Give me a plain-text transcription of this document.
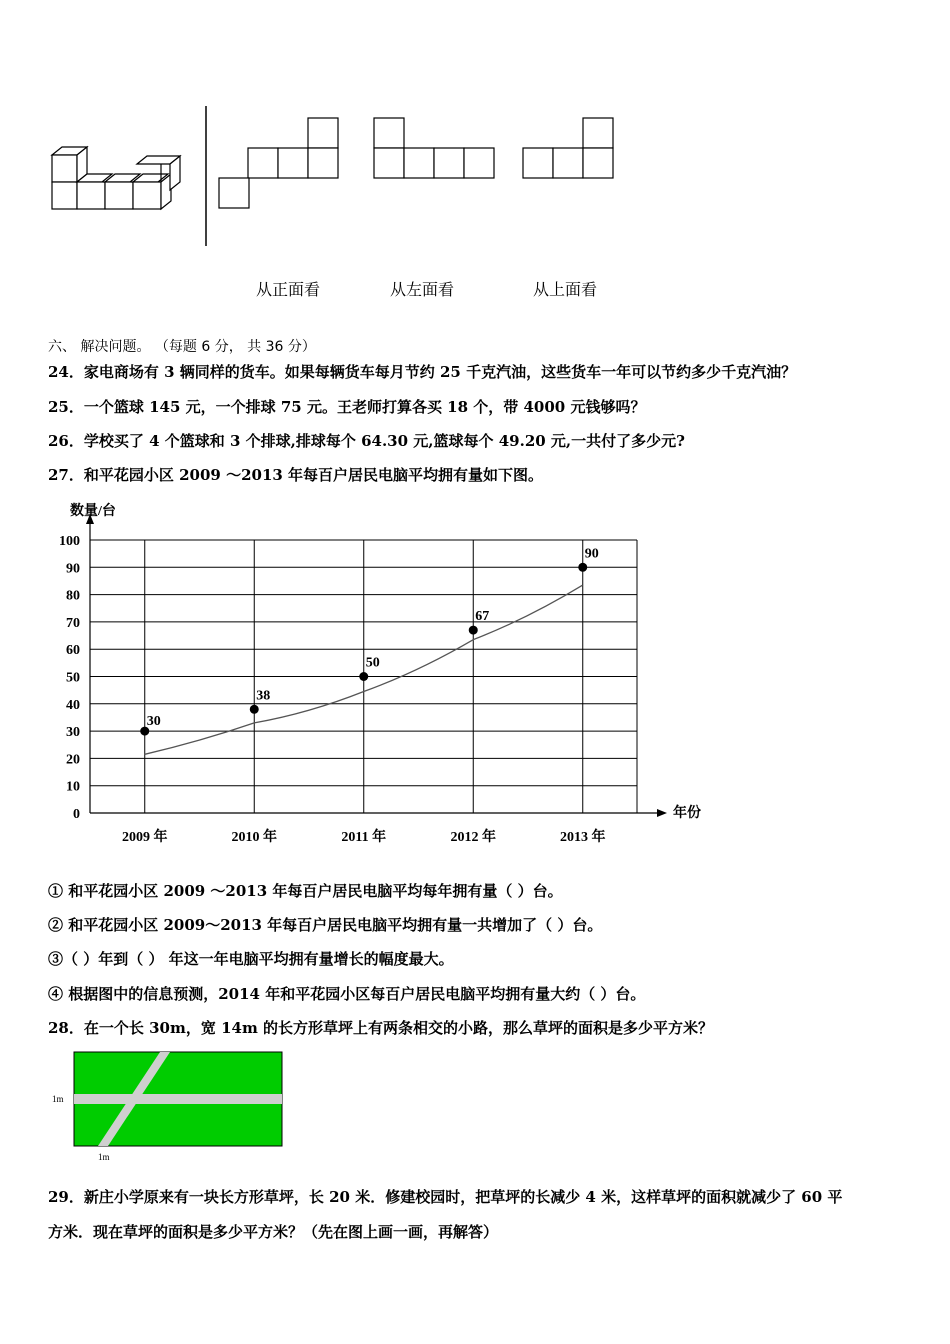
从正面看	从左面看	从上面看
六、 解决问题。 （每题 6 分， 共 36 分）
24．家电商场有 3 辆同样的货车。如果每辆货车每月节约 25 千克汽油，这些货车一年可以节约多少千克汽油？
25．一个篮球 145 元，一个排球 75 元。王老师打算各买 18 个，带 4000 元钱够吗？
26．学校买了 4 个篮球和 3 个排球,排球每个 64.30 元,篮球每个 49.20 元,一共付了多少元?
27．和平花园小区 2009 ～2013 年每百户居民电脑平均拥有量如下图。
0
10
20
30
40
50
60
70
80
90
100
2009 年	2010 年	2011 年	2012 年	2013 年
30
38
50
67
90
数量/台
年份
① 和平花园小区 2009 ～2013 年每百户居民电脑平均每年拥有量（ ）台。
② 和平花园小区 2009～2013 年每百户居民电脑平均拥有量一共增加了（ ）台。
③（ ）年到（ ） 年这一年电脑平均拥有量增长的幅度最大。
④ 根据图中的信息预测，2014 年和平花园小区每百户居民电脑平均拥有量大约（ ）台。
28．在一个长 30m，宽 14m 的长方形草坪上有两条相交的小路，那么草坪的面积是多少平方米？
1m
1m
29．新庄小学原来有一块长方形草坪，长 20 米．修建校园时，把草坪的长减少 4 米，这样草坪的面积就减少了 60 平
方米．现在草坪的面积是多少平方米？（先在图上画一画，再解答）
